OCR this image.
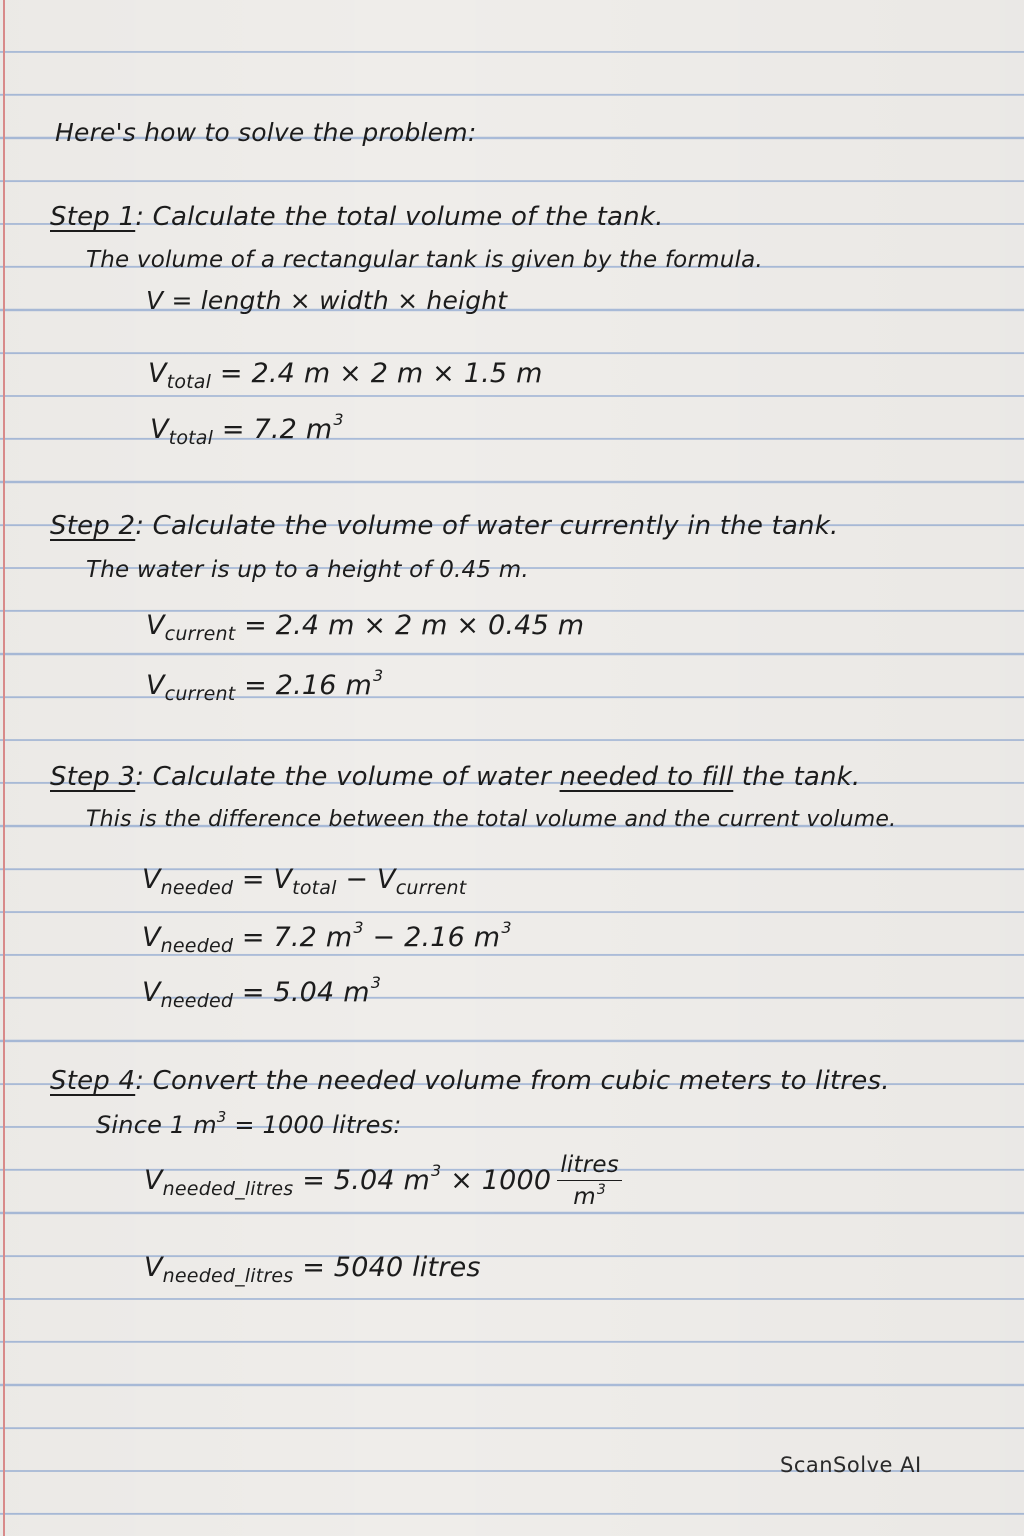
Here's how to solve the problem:
Step 1: Calculate the total volume of the tank.
The volume of a rectangular tank is given by the formula.
V = length × width × height
$V_{total} = 2.4$ m × 2 m × 1.5 m
$V_{total} = 7.2$ $m^3$
Step 2: Calculate the volume of water currently in the tank.
The water is up to a height of 0.45 m.
$V_{current} = 2.4$ m × 2 m × 0.45 m
$V_{current} = 2.16$ $m^3$
Step 3: Calculate the volume of water needed to fill the tank.
This is the difference between the total volume and the current volume.
$V_{needed} = V_{total} - V_{current}$
$V_{needed} = 7.2$ $m^3 - 2.16$ $m^3$
$V_{needed} = 5.04$ $m^3$
Step 4: Convert the needed volume from cubic meters to litres.
Since 1 $m^3 = 1000$ litres:
$V_{needed\_litres} = 5.04$ $m^3 \times 1000 \frac{\text{litres}}{m^3}$
$V_{needed\_litres} = 5040$ litres
ScanSolve AI
